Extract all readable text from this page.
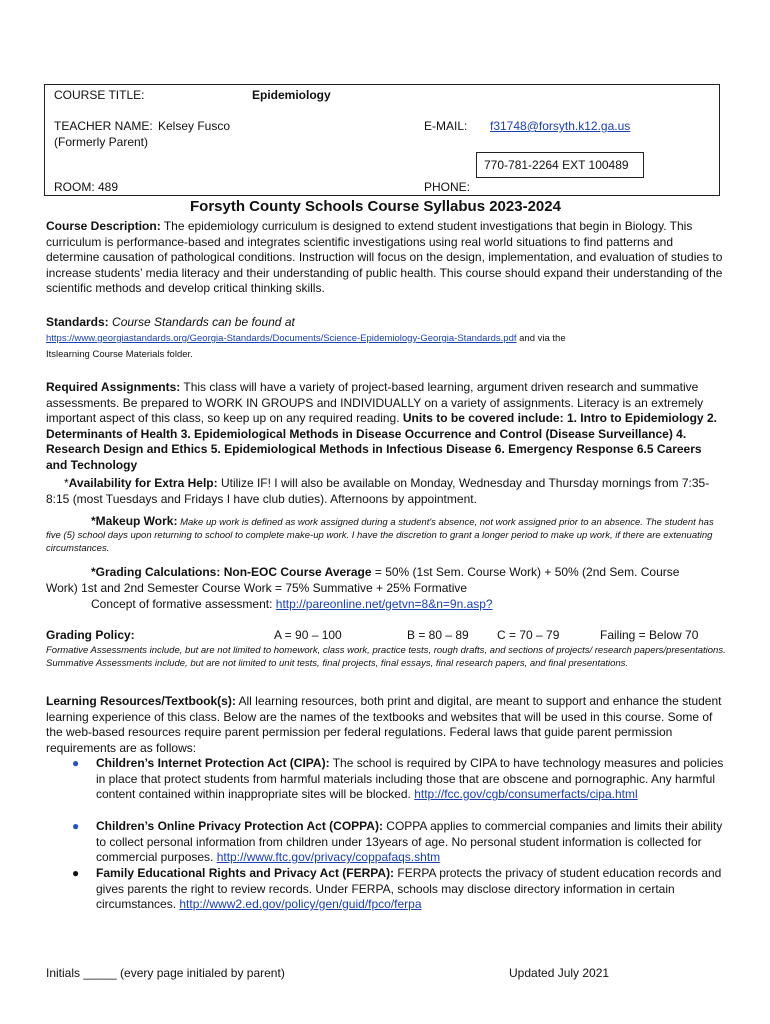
COURSE TITLE:	Epidemiology
TEACHER NAME: Kelsey Fusco
(Formerly Parent)
E-MAIL: f31748@forsyth.k12.ga.us
770-781-2264 EXT 100489
ROOM: 489	PHONE:
Forsyth County Schools Course Syllabus 2023-2024
Course Description: The epidemiology curriculum is designed to extend student investigations that begin in Biology. This curriculum is performance-based and integrates scientific investigations using real world situations to find patterns and determine causation of pathological conditions. Instruction will focus on the design, implementation, and evaluation of studies to increase students’ media literacy and their understanding of public health. This course should expand their understanding of the scientific methods and develop critical thinking skills.
Standards: Course Standards can be found at
https://www.georgiastandards.org/Georgia-Standards/Documents/Science-Epidemiology-Georgia-Standards.pdf and via the
Itslearning Course Materials folder.
Required Assignments: This class will have a variety of project-based learning, argument driven research and summative assessments. Be prepared to WORK IN GROUPS and INDIVIDUALLY on a variety of assignments. Literacy is an extremely important aspect of this class, so keep up on any required reading. Units to be covered include: 1. Intro to Epidemiology 2. Determinants of Health 3. Epidemiological Methods in Disease Occurrence and Control (Disease Surveillance) 4. Research Design and Ethics 5. Epidemiological Methods in Infectious Disease 6. Emergency Response 6.5 Careers and Technology
*Availability for Extra Help: Utilize IF! I will also be available on Monday, Wednesday and Thursday mornings from 7:35-8:15 (most Tuesdays and Fridays I have club duties). Afternoons by appointment.
*Makeup Work: Make up work is defined as work assigned during a student's absence, not work assigned prior to an absence. The student has five (5) school days upon returning to school to complete make-up work. I have the discretion to grant a longer period to make up work, if there are extenuating circumstances.
*Grading Calculations: Non-EOC Course Average = 50% (1st Sem. Course Work) + 50% (2nd Sem. Course
Work) 1st and 2nd Semester Course Work = 75% Summative + 25% Formative
Concept of formative assessment: http://pareonline.net/getvn=8&n=9n.asp?
Grading Policy:	A = 90 – 100	B = 80 – 89 C = 70 – 79	Failing = Below 70
Formative Assessments include, but are not limited to homework, class work, practice tests, rough drafts, and sections of projects/ research papers/presentations. Summative Assessments include, but are not limited to unit tests, final projects, final essays, final research papers, and final presentations.
Learning Resources/Textbook(s): All learning resources, both print and digital, are meant to support and enhance the student learning experience of this class. Below are the names of the textbooks and websites that will be used in this course. Some of the web-based resources require parent permission per federal regulations. Federal laws that guide parent permission requirements are as follows:
● Children’s Internet Protection Act (CIPA): The school is required by CIPA to have technology measures and policies in place that protect students from harmful materials including those that are obscene and pornographic. Any harmful content contained within inappropriate sites will be blocked. http://fcc.gov/cgb/consumerfacts/cipa.html
● Children’s Online Privacy Protection Act (COPPA): COPPA applies to commercial companies and limits their ability to collect personal information from children under 13years of age. No personal student information is collected for commercial purposes. http://www.ftc.gov/privacy/coppafaqs.shtm
● Family Educational Rights and Privacy Act (FERPA): FERPA protects the privacy of student education records and gives parents the right to review records. Under FERPA, schools may disclose directory information in certain circumstances. http://www2.ed.gov/policy/gen/guid/fpco/ferpa
Initials _____ (every page initialed by parent)	Updated July 2021
